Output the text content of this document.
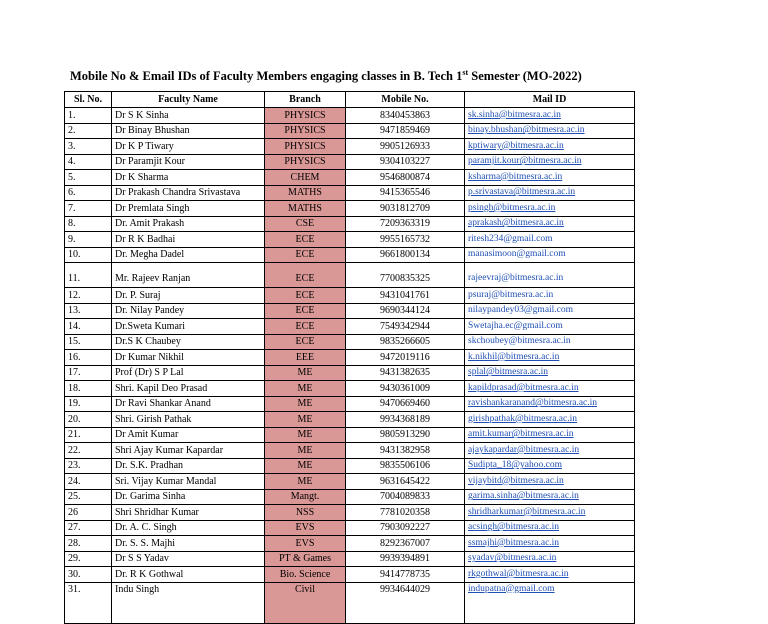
Mobile No & Email IDs of Faculty Members engaging classes in B. Tech 1st Semester (MO-2022)
Sl. No.	Faculty Name	Branch	Mobile No.	Mail ID
1.	Dr S K Sinha	PHYSICS	8340453863	sk.sinha@bitmesra.ac.in
2.	Dr Binay Bhushan	PHYSICS	9471859469	binay.bhushan@bitmesra.ac.in
3.	Dr K P Tiwary	PHYSICS	9905126933	kptiwary@bitmesra.ac.in
4.	Dr Paramjit Kour	PHYSICS	9304103227	paramjit.kour@bitmesra.ac.in
5.	Dr K Sharma	CHEM	9546800874	ksharma@bitmesra.ac.in
6.	Dr Prakash Chandra Srivastava	MATHS	9415365546	p.srivastava@bitmesra.ac.in
7.	Dr Premlata Singh	MATHS	9031812709	psingh@bitmesra.ac.in
8.	Dr. Amit Prakash	CSE	7209363319	aprakash@bitmesra.ac.in
9.	Dr R K Badhai	ECE	9955165732	ritesh234@gmail.com
10.	Dr. Megha Dadel	ECE	9661800134	manasimoon@gmail.com
11.	Mr. Rajeev Ranjan	ECE	7700835325	rajeevraj@bitmesra.ac.in
12.	Dr. P. Suraj	ECE	9431041761	psuraj@bitmesra.ac.in
13.	Dr. Nilay Pandey	ECE	9690344124	nilaypandey03@gmail.com
14.	Dr.Sweta Kumari	ECE	7549342944	Swetajha.ec@gmail.com
15.	Dr.S K Chaubey	ECE	9835266605	skchoubey@bitmesra.ac.in
16.	Dr Kumar Nikhil	EEE	9472019116	k.nikhil@bitmesra.ac.in
17.	Prof (Dr) S P Lal	ME	9431382635	splal@bitmesra.ac.in
18.	Shri. Kapil Deo Prasad	ME	9430361009	kapildprasad@bitmesra.ac.in
19.	Dr Ravi Shankar Anand	ME	9470669460	ravishankaranand@bitmesra.ac.in
20.	Shri. Girish Pathak	ME	9934368189	girishpathak@bitmesra.ac.in
21.	Dr Amit Kumar	ME	9805913290	amit.kumar@bitmesra.ac.in
22.	Shri Ajay Kumar Kapardar	ME	9431382958	ajaykapardar@bitmesra.ac.in
23.	Dr. S.K. Pradhan	ME	9835506106	Sudipta_18@yahoo.com
24.	Sri. Vijay Kumar Mandal	ME	9631645422	vijaybitd@bitmesra.ac.in
25.	Dr. Garima Sinha	Mangt.	7004089833	garima.sinha@bitmesra.ac.in
26	Shri Shridhar Kumar	NSS	7781020358	shridharkumar@bitmesra.ac.in
27.	Dr. A. C. Singh	EVS	7903092227	acsingh@bitmesra.ac.in
28.	Dr. S. S. Majhi	EVS	8292367007	ssmajhi@bitmesra.ac.in
29.	Dr S S Yadav	PT & Games	9939394891	syadav@bitmesra.ac.in
30.	Dr. R K Gothwal	Bio. Science	9414778735	rkgothwal@bitmesra.ac.in
31.	Indu Singh	Civil	9934644029	indupatna@gmail.com
